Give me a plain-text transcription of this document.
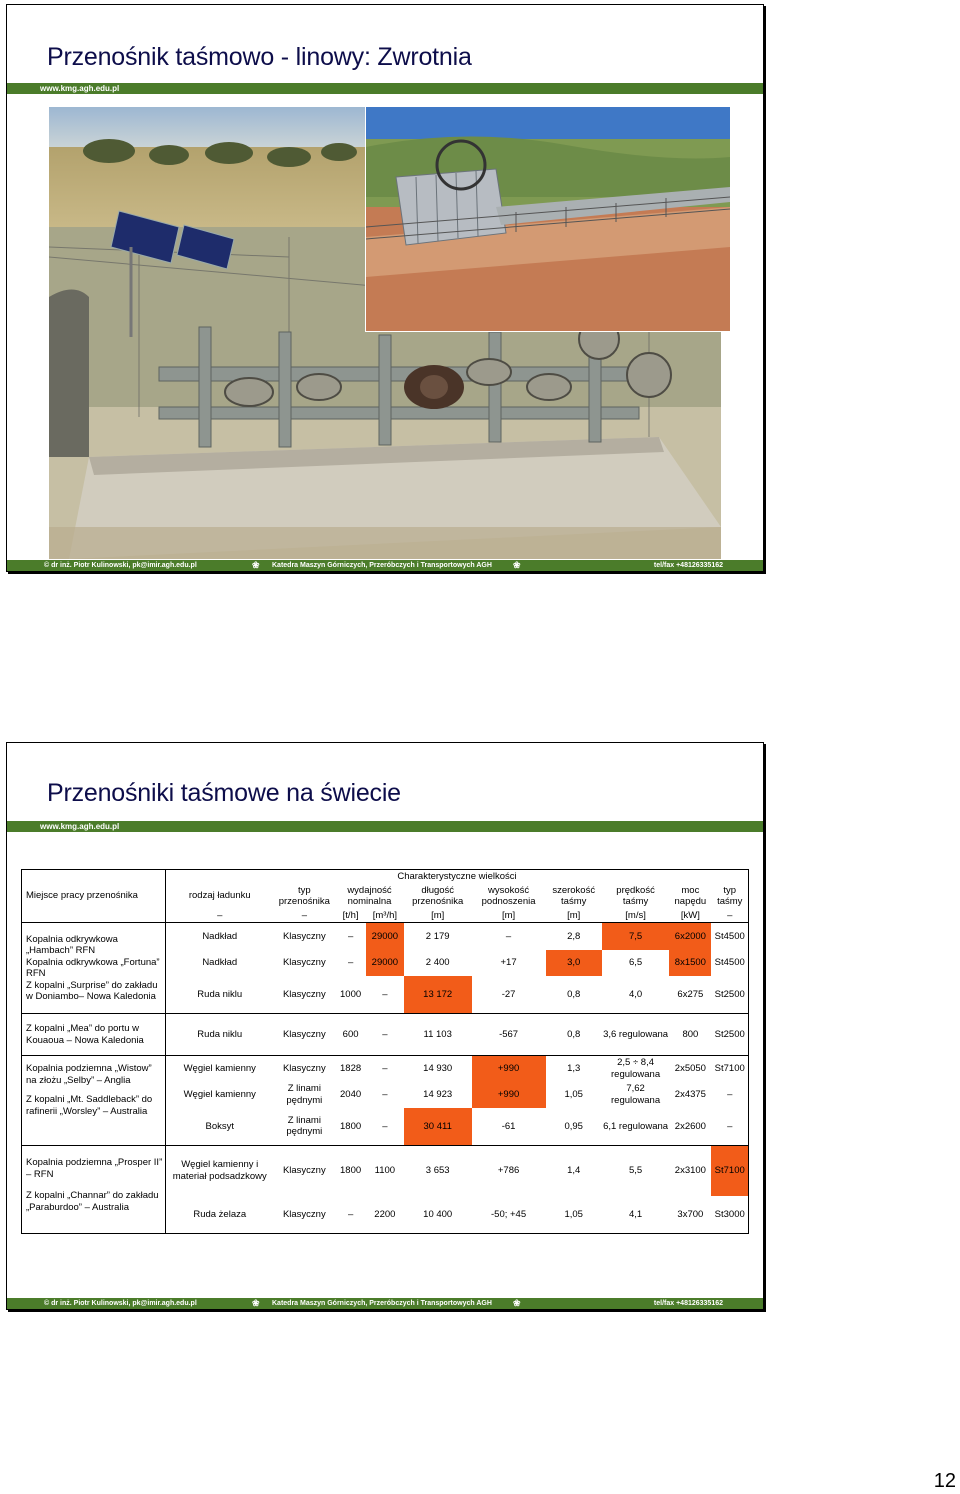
Przenośnik taśmowo - linowy: Zwrotnia
www.kmg.agh.edu.pl
© dr inż. Piotr Kulinowski, pk@imir.agh.edu.pl	❀ Katedra Maszyn Górniczych, Przeróbczych i Transportowych AGH ❀	tel/fax +48126335162
Przenośniki taśmowe na świecie
www.kmg.agh.edu.pl
Miejsce pracy przenośnika	Charakterystyczne wielkości									
	rodzaj ładunku	typ przenośnika	wydajność nominalna		długość przenośnika	wysokość podnoszenia	szerokość taśmy	prędkość taśmy	moc napędu	typ taśmy
	–	–	[t/h]	[m³/h]	[m]	[m]	[m]	[m/s]	[kW]	–

Kopalnia odkrywkowa „Hambach” RFN
Kopalnia odkrywkowa „Fortuna” RFN
Z kopalni „Surprise” do zakładu w Doniambo– Nowa Kaledonia	Nadkład	Klasyczny	–	29000	2 179	–	2,8	7,5	6x2000	St4500
	Nadkład	Klasyczny	–	29000	2 400	+17	3,0	6,5	8x1500	St4500
	Ruda niklu	Klasyczny	1000	–	13 172	-27	0,8	4,0	6x275	St2500
Z kopalni „Mea” do portu w Kouaoua – Nowa Kaledonia	Ruda niklu	Klasyczny	600	–	11 103	-567	0,8	3,6 regulowana	800	St2500

Kopalnia podziemna „Wistow” na złożu „Selby” – Anglia
Z kopalni „Mt. Saddleback” do rafinerii „Worsley” – Australia	Węgiel kamienny	Klasyczny	1828	–	14 930	+990	1,3	2,5 ÷ 8,4 regulowana	2x5050	St7100
	Węgiel kamienny	Z linami pędnymi	2040	–	14 923	+990	1,05	7,62 regulowana	2x4375	–
	Boksyt	Z linami pędnymi	1800	–	30 411	-61	0,95	6,1 regulowana	2x2600	–

Kopalnia podziemna „Prosper II” – RFN
Z kopalni „Channar” do zakładu „Paraburdoo” – Australia	Węgiel kamienny i materiał podsadzkowy	Klasyczny	1800	1100	3 653	+786	1,4	5,5	2x3100	St7100
	Ruda żelaza	Klasyczny	–	2200	10 400	-50; +45	1,05	4,1	3x700	St3000
© dr inż. Piotr Kulinowski, pk@imir.agh.edu.pl	❀ Katedra Maszyn Górniczych, Przeróbczych i Transportowych AGH ❀	tel/fax +48126335162
12
